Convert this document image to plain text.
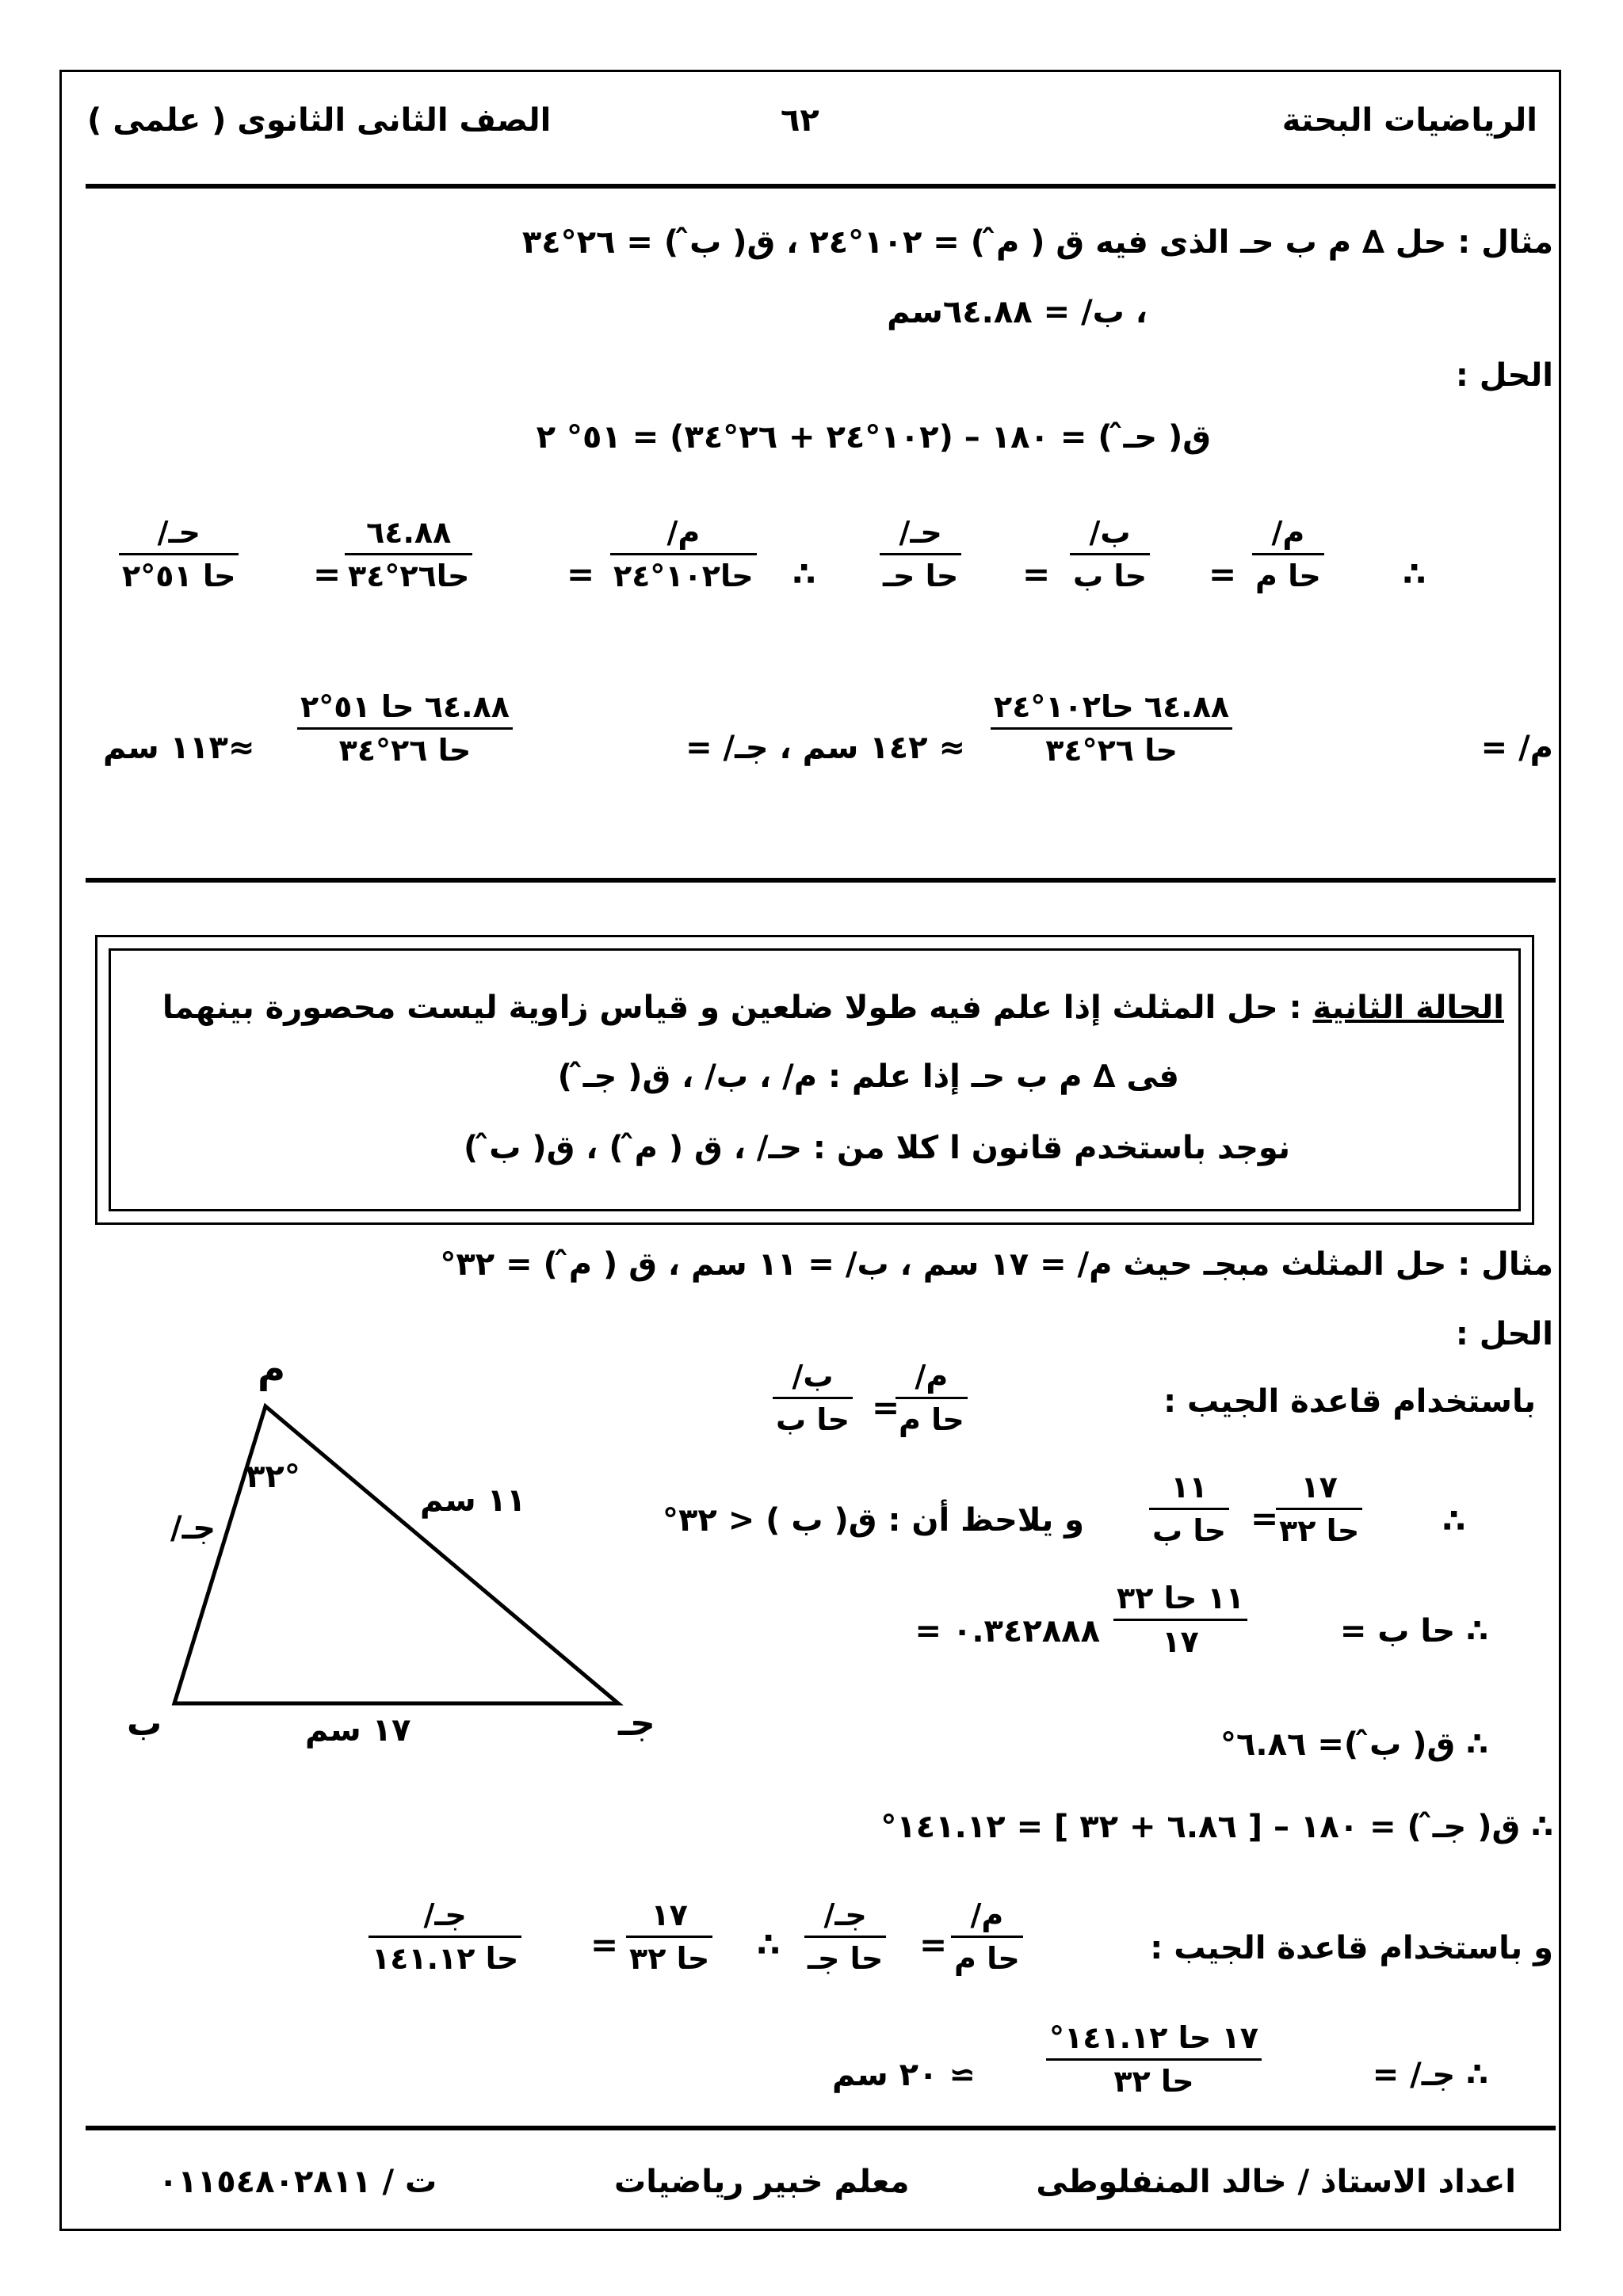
الرياضيات البحتة
٦٢
الصف الثانى الثانوى ( علمى )
مثال : حل ∆ م ب حـ الذى فيه ق ( م̂ ) = ١٠٢°٢٤ ، ق( ب̂ ) = ٢٦°٣٤
، ب/ = ٦٤.٨٨سم
الحل :
ق( حـ̂ ) = ١٨٠ – (١٠٢°٢٤ + ٢٦°٣٤) = ٥١° ٢
∴
م/
حا م
=
ب/
حا ب
=
حـ/
حا حـ
∴
م/
حا١٠٢°٢٤
=
٦٤.٨٨
حا٢٦°٣٤
=
حـ/
حا ٥١°٢
م/ =
٦٤.٨٨ حا١٠٢°٢٤
حا ٢٦°٣٤
≈ ١٤٢ سم ، جـ/ =
٦٤.٨٨ حا ٥١°٢
حا ٢٦°٣٤
≈١١٣ سم
الحالة الثانية : حل المثلث إذا علم فيه طولا ضلعين و قياس زاوية ليست محصورة بينهما
فى ∆ م ب حـ إذا علم : م/ ، ب/ ، ق( جـ̂ )
نوجد باستخدم قانون ا كلا من : حـ/ ، ق ( م̂ ) ، ق( ب̂ )
مثال : حل المثلث مبجـ حيث م/ = ١٧ سم ، ب/ = ١١ سم ، ق ( م̂ ) = ٣٢°
الحل :
باستخدام قاعدة الجيب :
م/
حا م
=
ب/
حا ب
∴
١٧
حا ٣٢
=
١١
حا ب
و يلاحظ أن : ق( ب ) < ٣٢°
∴ حا ب =
١١ حا ٣٢
١٧
= ٠.٣٤٢٨٨٨
∴ ق( ب̂ )= ٦.٨٦°
∴ ق( جـ̂ ) = ١٨٠ – [ ٦.٨٦ + ٣٢ ] = ١٤١.١٢°
و باستخدام قاعدة الجيب :
م/
حا م
=
جـ/
حا جـ
∴
١٧
حا ٣٢
=
جـ/
حا ١٤١.١٢
∴ جـ/ =
١٧ حا ١٤١.١٢°
حا ٣٢
≃ ٢٠ سم
م
ب	جـ
٣٢°
جـ/
١١ سم
١٧ سم
اعداد الاستاذ / خالد المنفلوطى
معلم خبير رياضيات
ت / ٠١١٥٤٨٠٢٨١١
